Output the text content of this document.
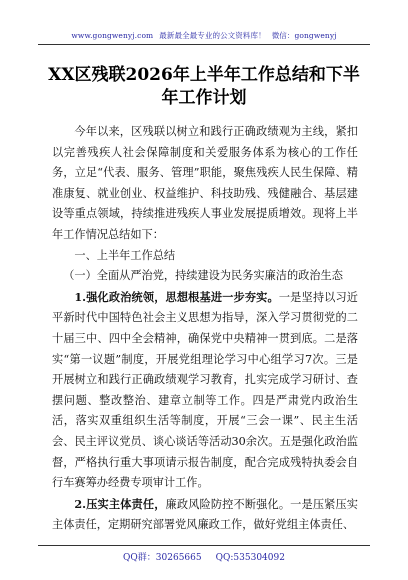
www.gongwenyj.com 最新最全最专业的公文资料库！ 微信：gongwenyj
XX区残联2026年上半年工作总结和下半
年工作计划

今年以来，区残联以树立和践行正确政绩观为主线，紧扣以完善残疾人社会保障制度和关爱服务体系为核心的工作任务，立足“代表、服务、管理”职能，聚焦残疾人民生保障、精准康复、就业创业、权益维护、科技助残、残健融合、基层建设等重点领域，持续推进残疾人事业发展提质增效。现将上半年工作情况总结如下：

一、上半年工作总结

（一）全面从严治党，持续建设为民务实廉洁的政治生态

1.强化政治统领，思想根基进一步夯实。一是坚持以习近平新时代中国特色社会主义思想为指导，深入学习贯彻党的二十届三中、四中全会精神，确保党中央精神一贯到底。二是落实“第一议题”制度，开展党组理论学习中心组学习7次。三是开展树立和践行正确政绩观学习教育，扎实完成学习研讨、查摆问题、整改整治、建章立制等工作。四是严肃党内政治生活，落实双重组织生活等制度，开展“三会一课”、民主生活会、民主评议党员、谈心谈话等活动30余次。五是强化政治监督，严格执行重大事项请示报告制度，配合完成残特执委会自行车赛筹办经费专项审计工作。

2.压实主体责任，廉政风险防控不断强化。一是压紧压实主体责任，定期研究部署党风廉政工作，做好党组主体责任、

QQ群：30265665 QQ:535304092
